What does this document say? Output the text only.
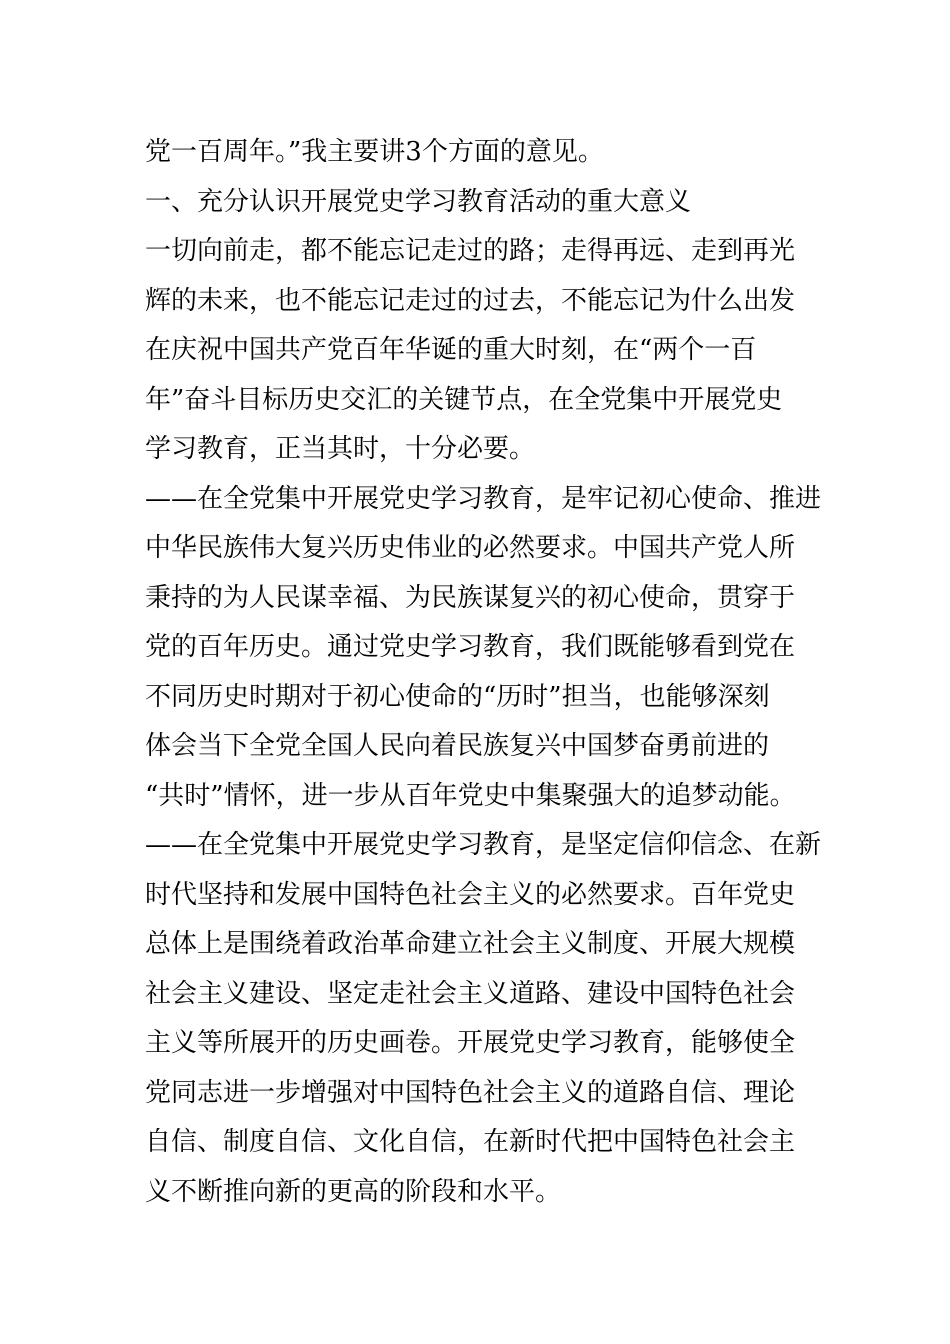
党一百周年。”我主要讲3个方面的意见。
一、充分认识开展党史学习教育活动的重大意义
一切向前走，都不能忘记走过的路；走得再远、走到再光
辉的未来，也不能忘记走过的过去，不能忘记为什么出发
在庆祝中国共产党百年华诞的重大时刻，在“两个一百
年”奋斗目标历史交汇的关键节点，在全党集中开展党史
学习教育，正当其时，十分必要。
——在全党集中开展党史学习教育，是牢记初心使命、推进
中华民族伟大复兴历史伟业的必然要求。中国共产党人所
秉持的为人民谋幸福、为民族谋复兴的初心使命，贯穿于
党的百年历史。通过党史学习教育，我们既能够看到党在
不同历史时期对于初心使命的“历时”担当，也能够深刻
体会当下全党全国人民向着民族复兴中国梦奋勇前进的
“共时”情怀，进一步从百年党史中集聚强大的追梦动能。
——在全党集中开展党史学习教育，是坚定信仰信念、在新
时代坚持和发展中国特色社会主义的必然要求。百年党史
总体上是围绕着政治革命建立社会主义制度、开展大规模
社会主义建设、坚定走社会主义道路、建设中国特色社会
主义等所展开的历史画卷。开展党史学习教育，能够使全
党同志进一步增强对中国特色社会主义的道路自信、理论
自信、制度自信、文化自信，在新时代把中国特色社会主
义不断推向新的更高的阶段和水平。
